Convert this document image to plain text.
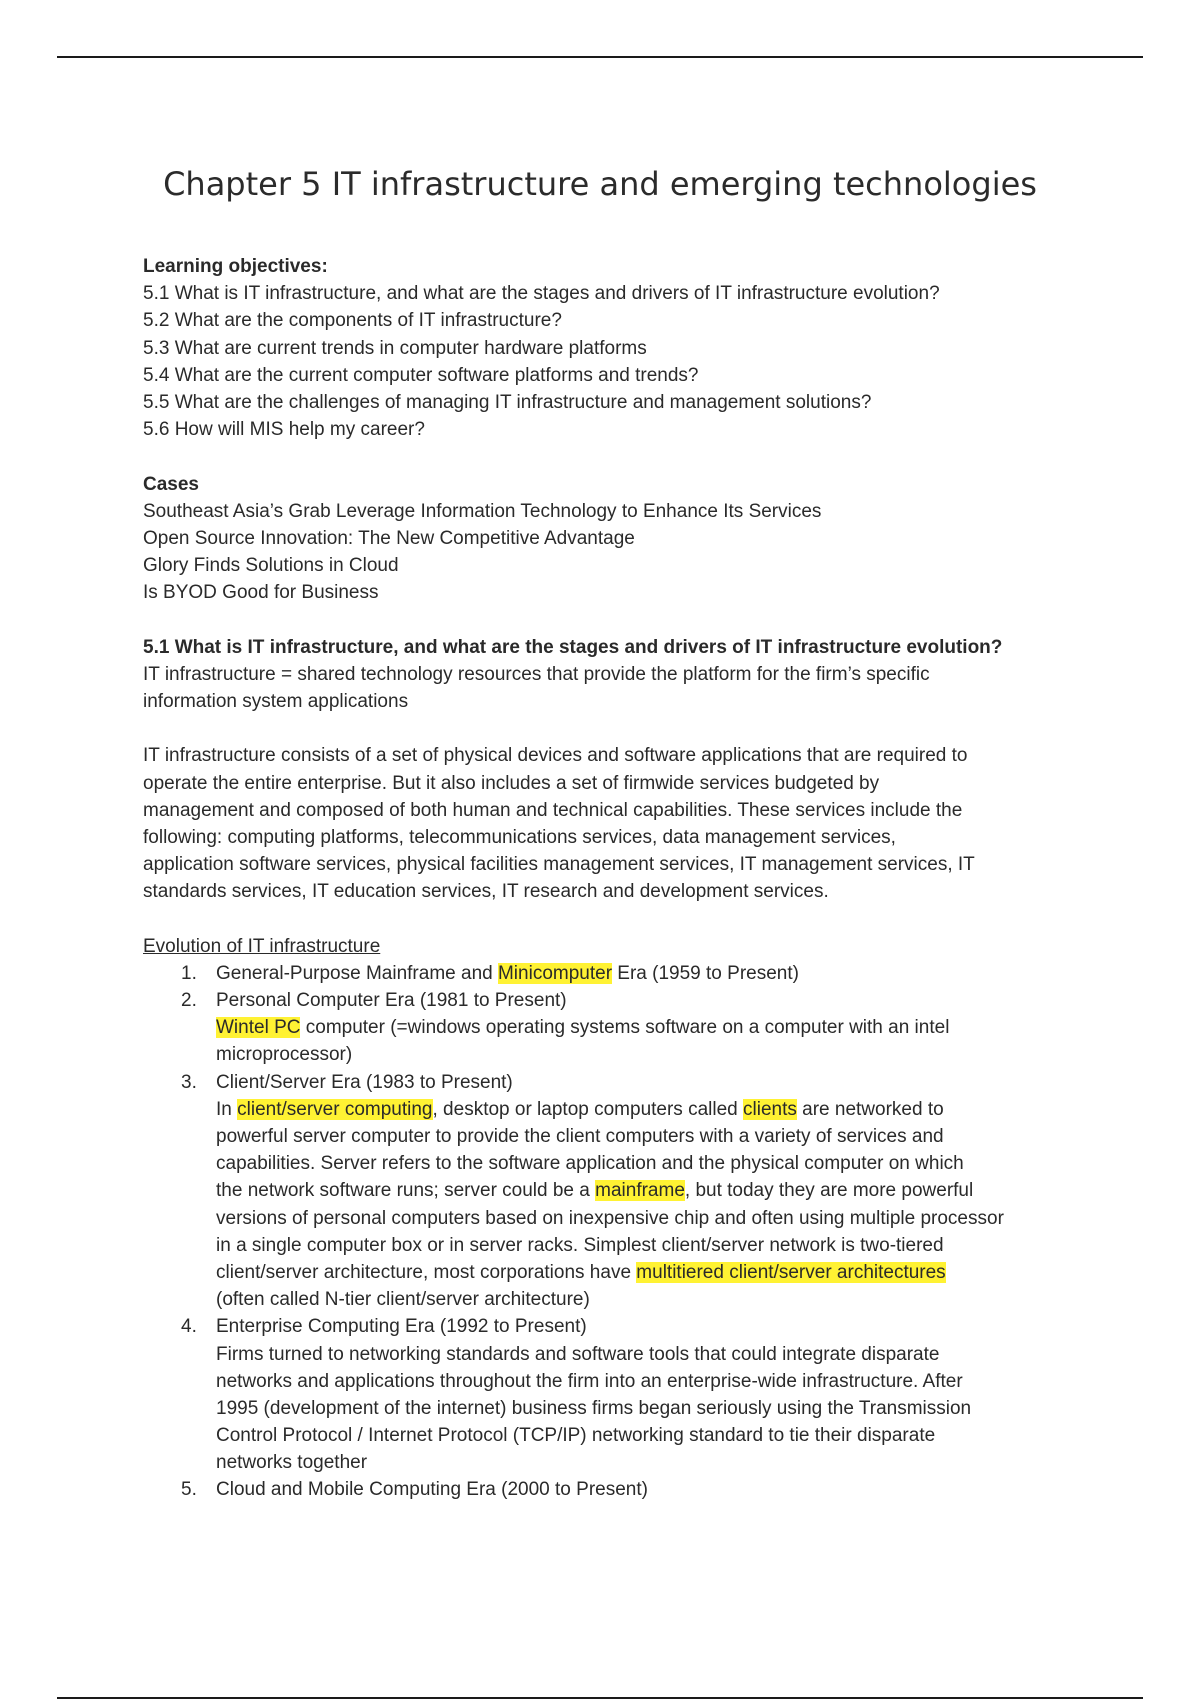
Chapter 5 IT infrastructure and emerging technologies
Learning objectives:
5.1 What is IT infrastructure, and what are the stages and drivers of IT infrastructure evolution?
5.2 What are the components of IT infrastructure?
5.3 What are current trends in computer hardware platforms
5.4 What are the current computer software platforms and trends?
5.5 What are the challenges of managing IT infrastructure and management solutions?
5.6 How will MIS help my career?
Cases
Southeast Asia’s Grab Leverage Information Technology to Enhance Its Services
Open Source Innovation: The New Competitive Advantage
Glory Finds Solutions in Cloud
Is BYOD Good for Business
5.1 What is IT infrastructure, and what are the stages and drivers of IT infrastructure evolution?
IT infrastructure = shared technology resources that provide the platform for the firm’s specific
information system applications
IT infrastructure consists of a set of physical devices and software applications that are required to
operate the entire enterprise. But it also includes a set of firmwide services budgeted by
management and composed of both human and technical capabilities. These services include the
following: computing platforms, telecommunications services, data management services,
application software services, physical facilities management services, IT management services, IT
standards services, IT education services, IT research and development services.
Evolution of IT infrastructure
1. General-Purpose Mainframe and Minicomputer Era (1959 to Present)
2. Personal Computer Era (1981 to Present)
Wintel PC computer (=windows operating systems software on a computer with an intel
microprocessor)
3. Client/Server Era (1983 to Present)
In client/server computing, desktop or laptop computers called clients are networked to
powerful server computer to provide the client computers with a variety of services and
capabilities. Server refers to the software application and the physical computer on which
the network software runs; server could be a mainframe, but today they are more powerful
versions of personal computers based on inexpensive chip and often using multiple processor
in a single computer box or in server racks. Simplest client/server network is two-tiered
client/server architecture, most corporations have multitiered client/server architectures
(often called N-tier client/server architecture)
4. Enterprise Computing Era (1992 to Present)
Firms turned to networking standards and software tools that could integrate disparate
networks and applications throughout the firm into an enterprise-wide infrastructure. After
1995 (development of the internet) business firms began seriously using the Transmission
Control Protocol / Internet Protocol (TCP/IP) networking standard to tie their disparate
networks together
5. Cloud and Mobile Computing Era (2000 to Present)
